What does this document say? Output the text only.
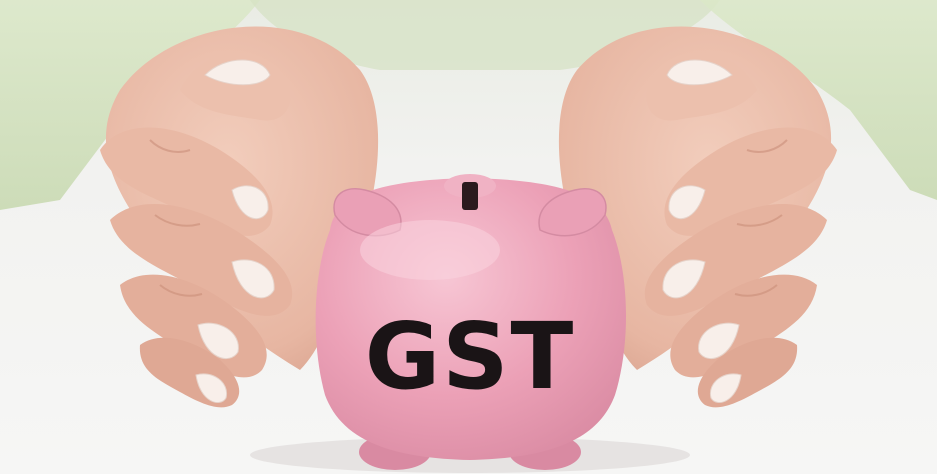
GST
